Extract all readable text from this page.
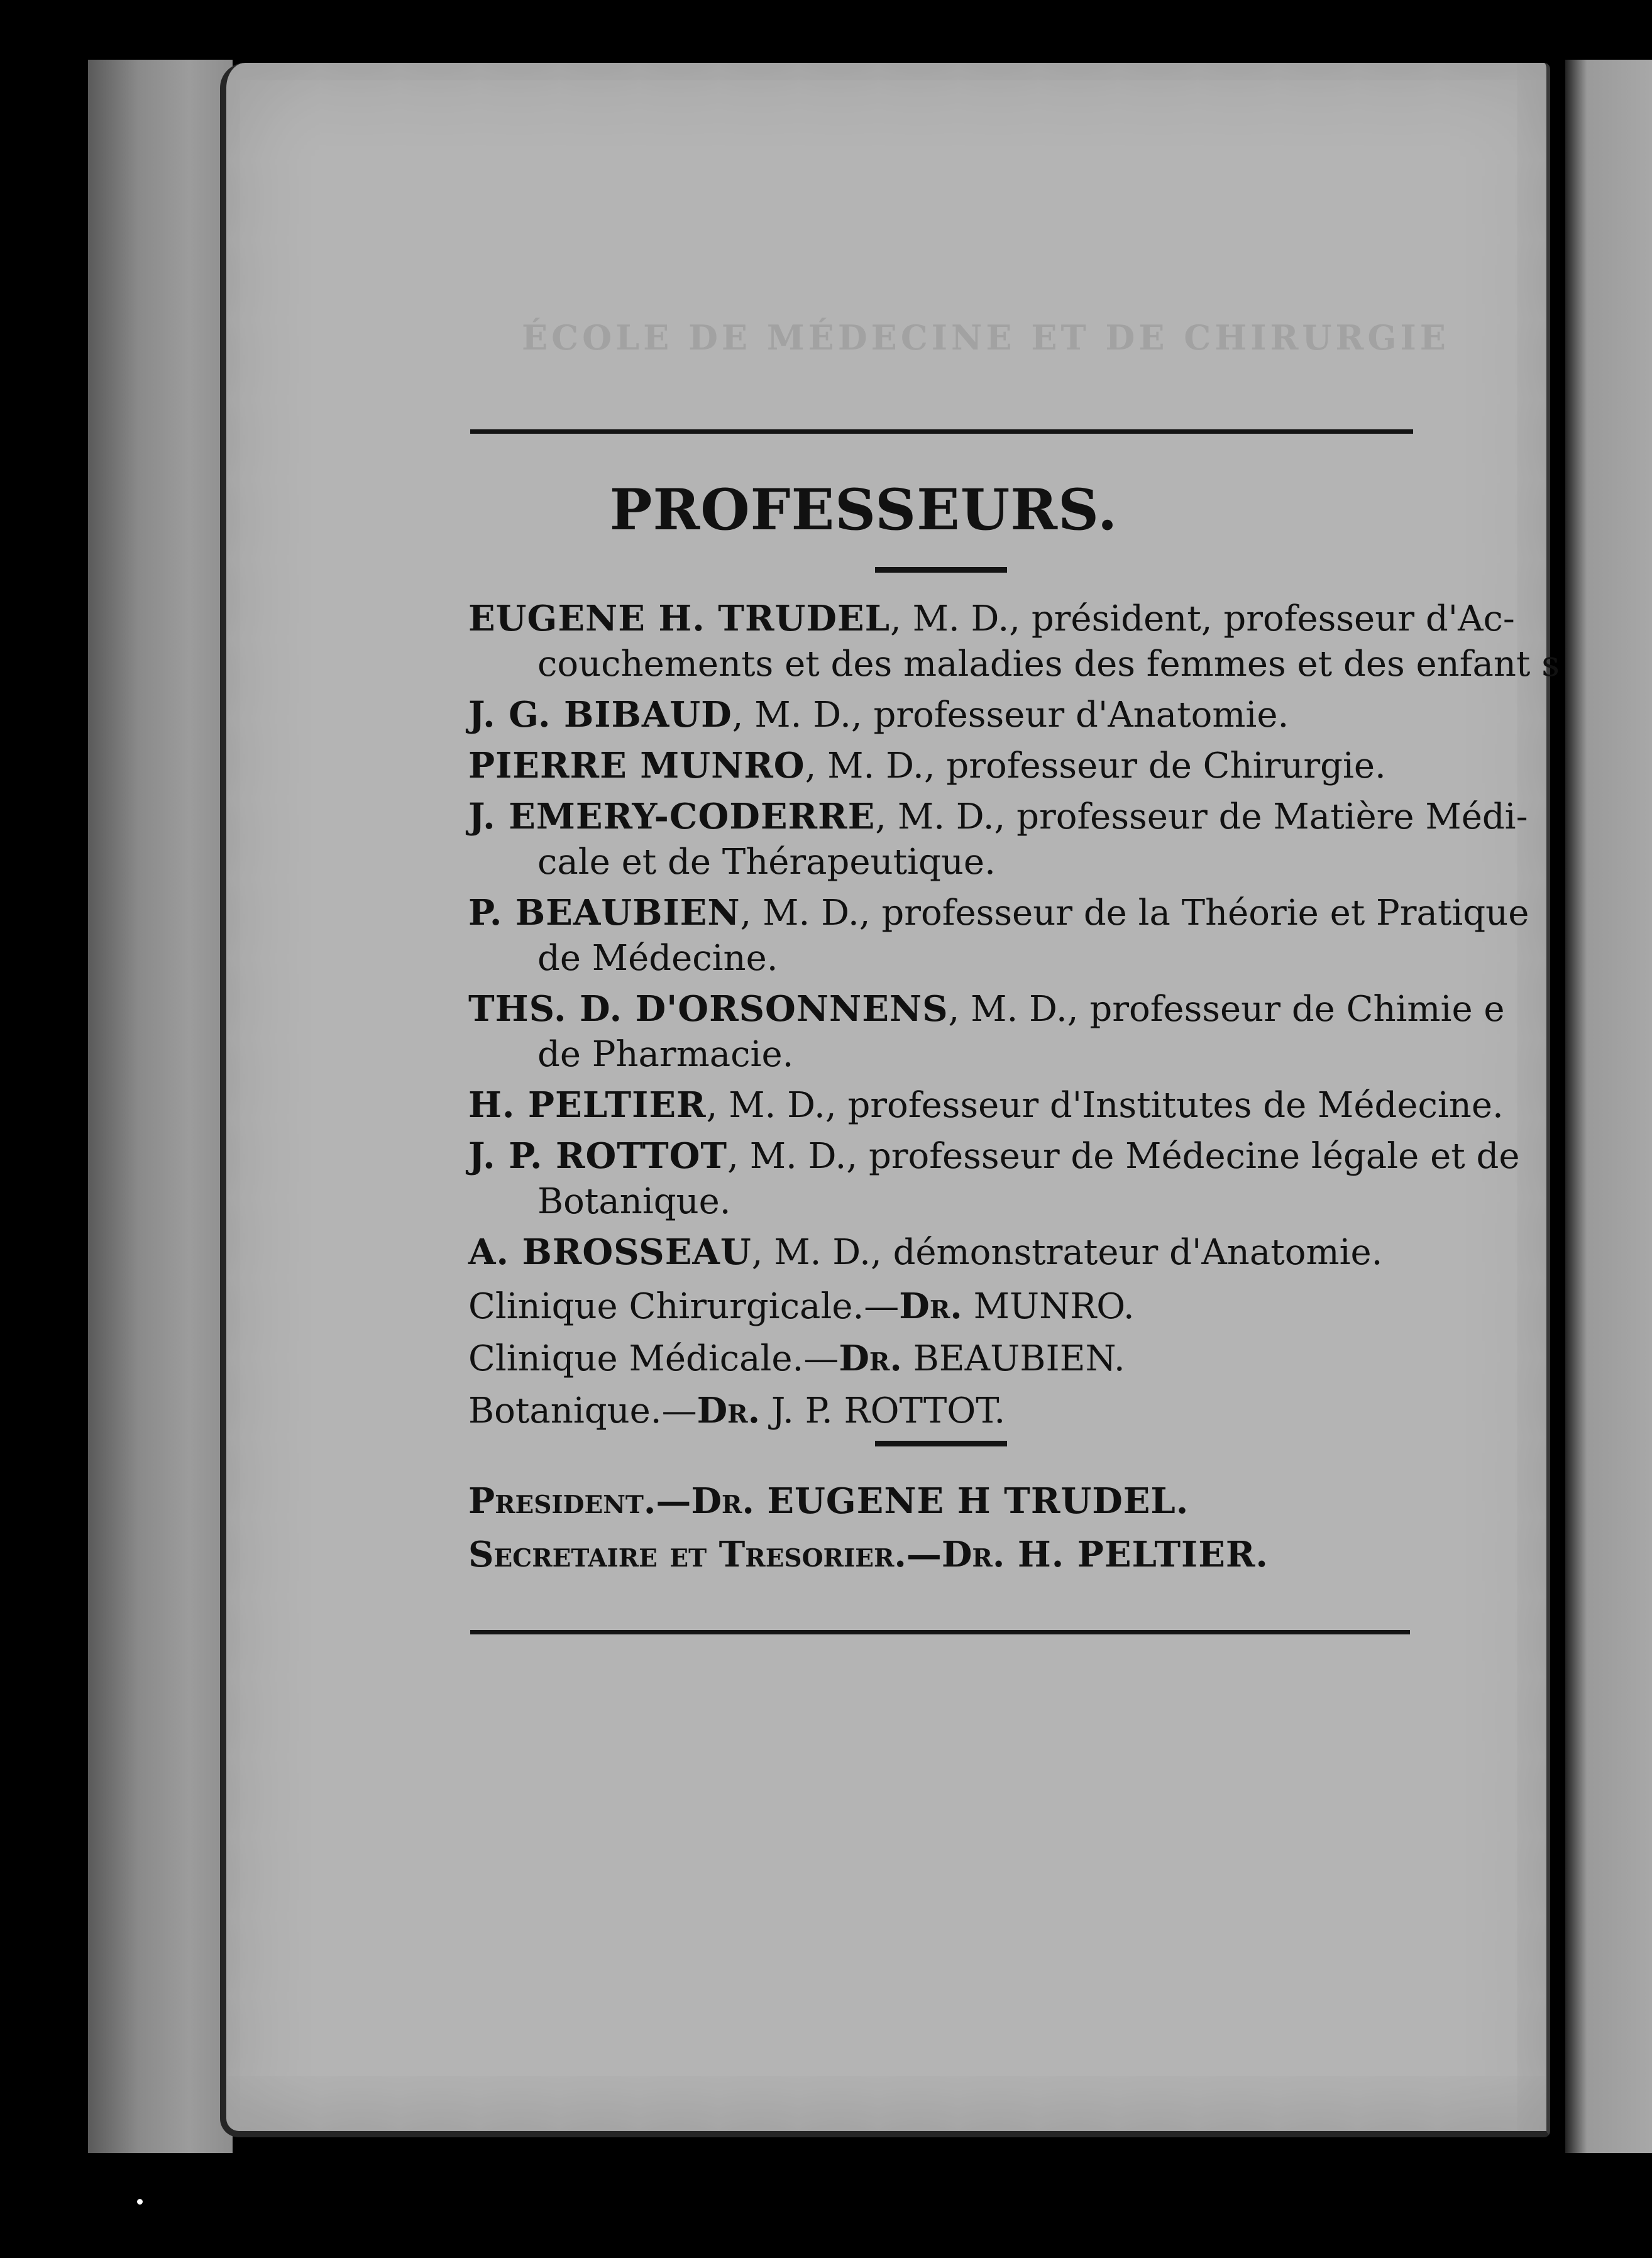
ÉCOLE DE MÉDECINE ET DE CHIRURGIE
PROFESSEURS.
EUGENE H. TRUDEL, M. D., président, professeur d'Ac-
couchements et des maladies des femmes et des enfant s
J. G. BIBAUD, M. D., professeur d'Anatomie.
PIERRE MUNRO, M. D., professeur de Chirurgie.
J. EMERY-CODERRE, M. D., professeur de Matière Médi-
cale et de Thérapeutique.
P. BEAUBIEN, M. D., professeur de la Théorie et Pratique
de Médecine.
THS. D. D'ORSONNENS, M. D., professeur de Chimie e
de Pharmacie.
H. PELTIER, M. D., professeur d'Institutes de Médecine.
J. P. ROTTOT, M. D., professeur de Médecine légale et de
Botanique.
A. BROSSEAU, M. D., démonstrateur d'Anatomie.
Clinique Chirurgicale.—Dr. MUNRO.
Clinique Médicale.—Dr. BEAUBIEN.
Botanique.—Dr. J. P. ROTTOT.
President.—Dr. EUGENE H TRUDEL.
Secretaire et Tresorier.—Dr. H. PELTIER.
